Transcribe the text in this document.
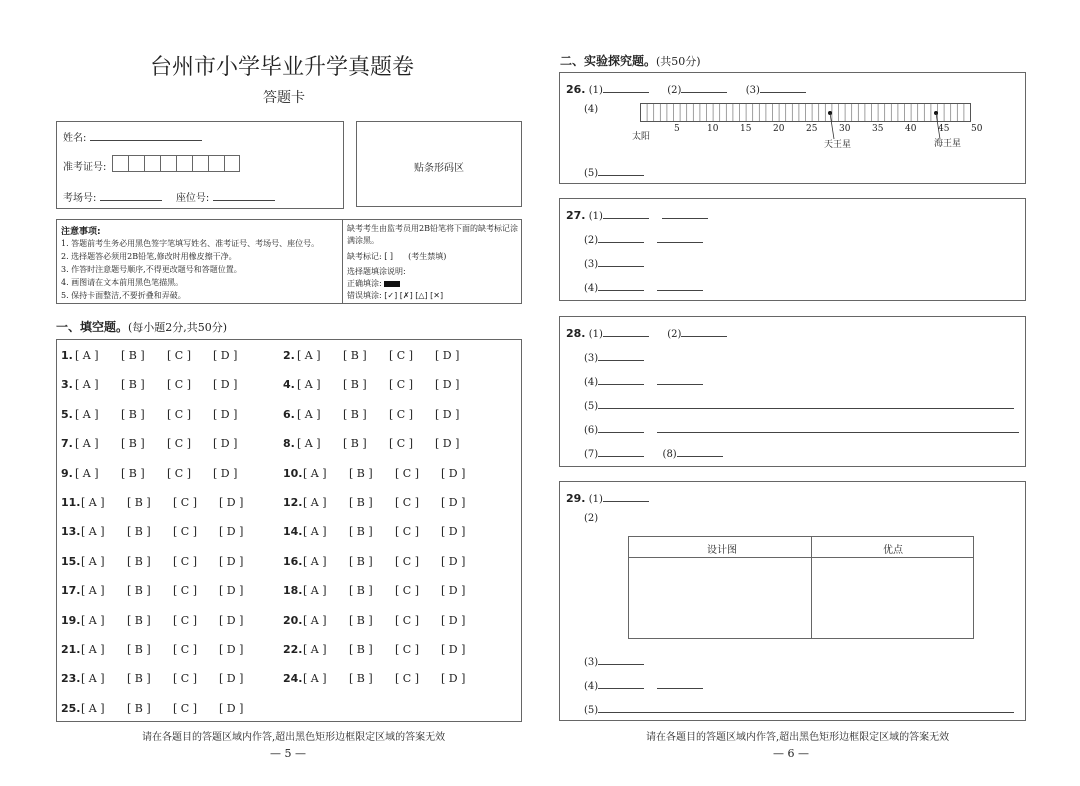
台州市小学毕业升学真题卷
答题卡
姓名:
准考证号:
考场号:	座位号:
贴条形码区
注意事项:
1. 答题前考生务必用黑色签字笔填写姓名、准考证号、考场号、座位号。
2. 选择题答必须用2B铅笔,修改时用橡皮擦干净。
3. 作答时注意题号顺序,不得更改题号和答题位置。
4. 画图请在文本前用黑色笔描黑。
5. 保持卡面整洁,不要折叠和弄破。
缺考考生由监考员用2B铅笔将下面的缺考标记涂满涂黑。
缺考标记: [ ] (考生禁填)
选择题填涂说明:
正确填涂:
错误填涂: [✓] [✗] [△] [✕]
一、填空题。(每小题2分,共50分)
1. [ A ] [ B ] [ C ] [ D ]	2. [ A ] [ B ] [ C ] [ D ]
3. [ A ] [ B ] [ C ] [ D ]	4. [ A ] [ B ] [ C ] [ D ]
5. [ A ] [ B ] [ C ] [ D ]	6. [ A ] [ B ] [ C ] [ D ]
7. [ A ] [ B ] [ C ] [ D ]	8. [ A ] [ B ] [ C ] [ D ]
9. [ A ] [ B ] [ C ] [ D ]	10. [ A ] [ B ] [ C ] [ D ]
11. [ A ] [ B ] [ C ] [ D ]	12. [ A ] [ B ] [ C ] [ D ]
13. [ A ] [ B ] [ C ] [ D ]	14. [ A ] [ B ] [ C ] [ D ]
15. [ A ] [ B ] [ C ] [ D ]	16. [ A ] [ B ] [ C ] [ D ]
17. [ A ] [ B ] [ C ] [ D ]	18. [ A ] [ B ] [ C ] [ D ]
19. [ A ] [ B ] [ C ] [ D ]	20. [ A ] [ B ] [ C ] [ D ]
21. [ A ] [ B ] [ C ] [ D ]	22. [ A ] [ B ] [ C ] [ D ]
23. [ A ] [ B ] [ C ] [ D ]	24. [ A ] [ B ] [ C ] [ D ]
25. [ A ] [ B ] [ C ] [ D ]
请在各题目的答题区域内作答,超出黑色矩形边框限定区域的答案无效
— 5 —
二、实验探究题。(共50分)
26. (1)	(2)	(3)
(4)
天王星	海王星
(5)
太阳
5	10 15 20 25 30 35 40 45 50
27. (1)
(2)
(3)
(4)
28. (1)	(2)
(3)
(4)
(5)
(6)
(7)	(8)
29. (1)
(2)
设计图	优点
(3)
(4)
(5)
请在各题目的答题区域内作答,超出黑色矩形边框限定区域的答案无效
— 6 —
